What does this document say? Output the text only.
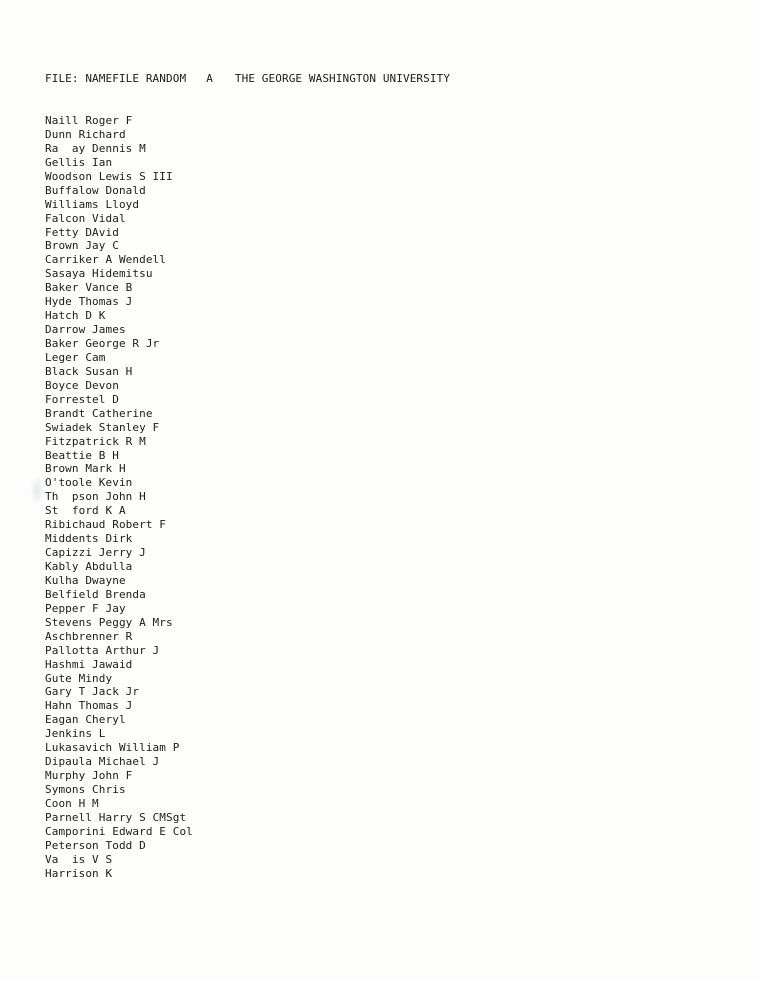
FILE: NAMEFILE RANDOM A THE GEORGE WASHINGTON UNIVERSITY
Naill Roger F
Dunn Richard
Ra  ay Dennis M
Gellis Ian
Woodson Lewis S III
Buffalow Donald
Williams Lloyd
Falcon Vidal
Fetty DAvid
Brown Jay C
Carriker A Wendell
Sasaya Hidemitsu
Baker Vance B
Hyde Thomas J
Hatch D K
Darrow James
Baker George R Jr
Leger Cam
Black Susan H
Boyce Devon
Forrestel D
Brandt Catherine
Swiadek Stanley F
Fitzpatrick R M
Beattie B H
Brown Mark H
O'toole Kevin
Th  pson John H
St  ford K A
Ribichaud Robert F
Middents Dirk
Capizzi Jerry J
Kably Abdulla
Kulha Dwayne
Belfield Brenda
Pepper F Jay
Stevens Peggy A Mrs
Aschbrenner R
Pallotta Arthur J
Hashmi Jawaid
Gute Mindy
Gary T Jack Jr
Hahn Thomas J
Eagan Cheryl
Jenkins L
Lukasavich William P
Dipaula Michael J
Murphy John F
Symons Chris
Coon H M
Parnell Harry S CMSgt
Camporini Edward E Col
Peterson Todd D
Va  is V S
Harrison K
